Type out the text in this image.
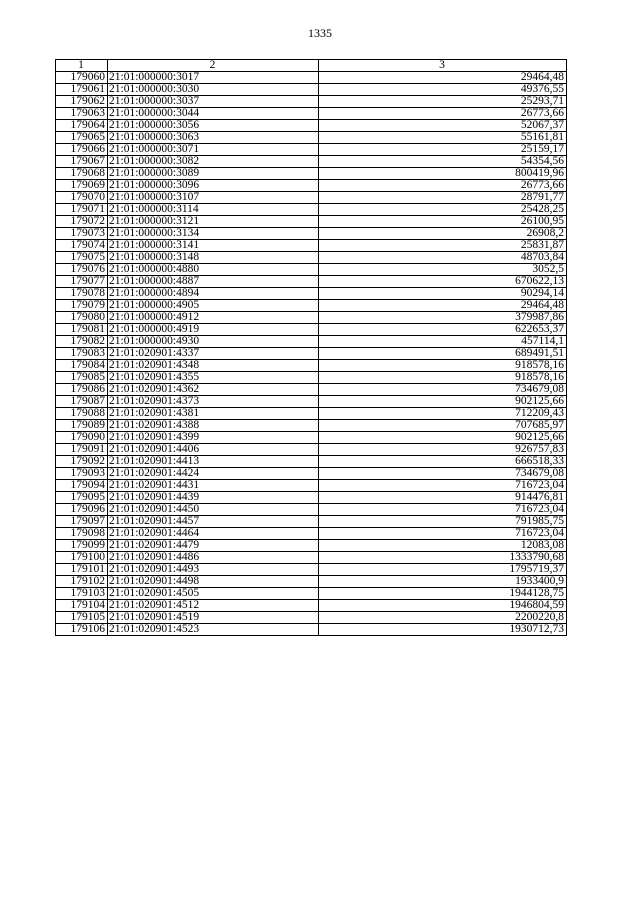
1335
1	2	3
179060	21:01:000000:3017	29464,48
179061	21:01:000000:3030	49376,55
179062	21:01:000000:3037	25293,71
179063	21:01:000000:3044	26773,66
179064	21:01:000000:3056	52067,37
179065	21:01:000000:3063	55161,81
179066	21:01:000000:3071	25159,17
179067	21:01:000000:3082	54354,56
179068	21:01:000000:3089	800419,96
179069	21:01:000000:3096	26773,66
179070	21:01:000000:3107	28791,77
179071	21:01:000000:3114	25428,25
179072	21:01:000000:3121	26100,95
179073	21:01:000000:3134	26908,2
179074	21:01:000000:3141	25831,87
179075	21:01:000000:3148	48703,84
179076	21:01:000000:4880	3052,5
179077	21:01:000000:4887	670622,13
179078	21:01:000000:4894	90294,14
179079	21:01:000000:4905	29464,48
179080	21:01:000000:4912	379987,86
179081	21:01:000000:4919	622653,37
179082	21:01:000000:4930	457114,1
179083	21:01:020901:4337	689491,51
179084	21:01:020901:4348	918578,16
179085	21:01:020901:4355	918578,16
179086	21:01:020901:4362	734679,08
179087	21:01:020901:4373	902125,66
179088	21:01:020901:4381	712209,43
179089	21:01:020901:4388	707685,97
179090	21:01:020901:4399	902125,66
179091	21:01:020901:4406	926757,83
179092	21:01:020901:4413	666518,33
179093	21:01:020901:4424	734679,08
179094	21:01:020901:4431	716723,04
179095	21:01:020901:4439	914476,81
179096	21:01:020901:4450	716723,04
179097	21:01:020901:4457	791985,75
179098	21:01:020901:4464	716723,04
179099	21:01:020901:4479	12083,08
179100	21:01:020901:4486	1333790,68
179101	21:01:020901:4493	1795719,37
179102	21:01:020901:4498	1933400,9
179103	21:01:020901:4505	1944128,75
179104	21:01:020901:4512	1946804,59
179105	21:01:020901:4519	2200220,8
179106	21:01:020901:4523	1930712,73
